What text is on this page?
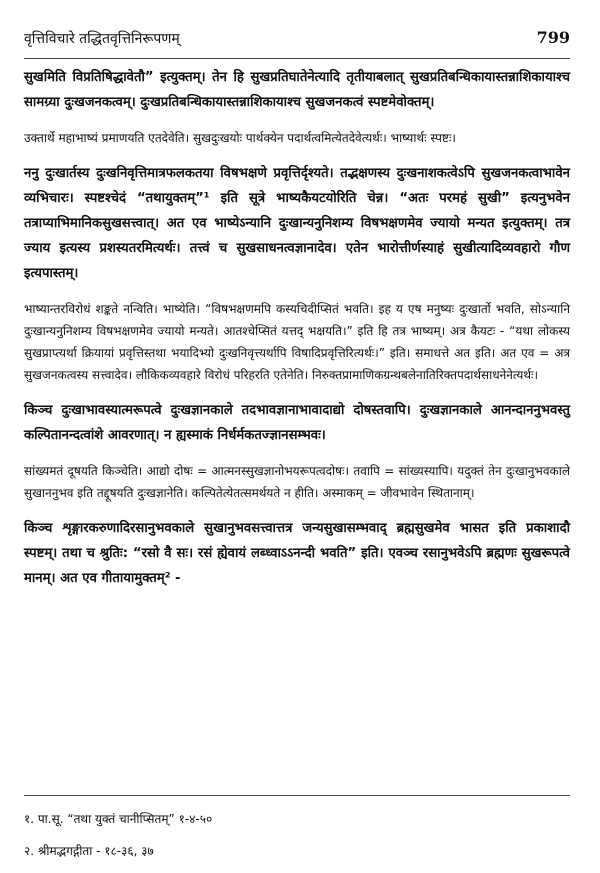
वृत्तिविचारे तद्धितवृत्तिनिरूपणम्	799

सुखमिति विप्रतिषिद्धावेतौ” इत्युक्तम्। तेन हि सुखप्रतिघातेनेत्यादि तृतीयाबलात् सुखप्रतिबन्धिकायास्तन्नाशिकायाश्च सामग्र्या दुःखजनकत्वम्। दुःखप्रतिबन्धिकायास्तन्नाशिकायाश्च सुखजनकत्वं स्पष्टमेवोक्तम्।

उक्तार्थे महाभाष्यं प्रमाणयति एतदेवेति। सुखदुःखयोः पार्थक्येन पदार्थत्वमित्येतदेवेत्यर्थः। भाष्यार्थः स्पष्टः।

ननु दुःखार्तस्य दुःखनिवृत्तिमात्रफलकतया विषभक्षणे प्रवृत्तिर्दृश्यते। तद्भक्षणस्य दुःखनाशकत्वेऽपि सुखजनकत्वाभावेन व्यभिचारः। स्पष्टश्चेदं “तथायुक्तम्”¹ इति सूत्रे भाष्यकैयटयोरिति चेन्न। “अतः परमहं सुखी” इत्यनुभवेन तत्राप्याभिमानिकसुखसत्त्वात्। अत एव भाष्येऽन्यानि दुःखान्यनुनिशम्य विषभक्षणमेव ज्यायो मन्यत इत्युक्तम्। तत्र ज्याय इत्यस्य प्रशस्यतरमित्यर्थः। तत्त्वं च सुखसाधनत्वज्ञानादेव। एतेन भारोत्तीर्णस्याहं सुखीत्यादिव्यवहारो गौण इत्यपास्तम्।

भाष्यान्तरविरोधं शङ्कते नन्विति। भाष्येति। “विषभक्षणमपि कस्यचिदीप्सितं भवति। इह य एष मनुष्यः दुःखार्तो भवति, सोऽन्यानि दुःखान्यनुनिशम्य विषभक्षणमेव ज्यायो मन्यते। आतश्चेप्सितं यत्तद् भक्षयति।” इति हि तत्र भाष्यम्। अत्र कैयटः - “यथा लोकस्य सुखप्राप्त्यर्था क्रियायां प्रवृत्तिस्तथा भयादिभ्यो दुःखनिवृत्त्यर्थापि विषादिप्रवृत्तिरित्यर्थः।” इति। समाधत्ते अत इति। अत एव = अत्र सुखजनकत्वस्य सत्त्वादेव। लौकिकव्यवहारे विरोधं परिहरति एतेनेति। निरुक्तप्रामाणिकग्रन्थबलेनातिरिक्तपदार्थसाधनेनेत्यर्थः।

किञ्च दुःखाभावस्यात्मरूपत्वे दुःखज्ञानकाले तदभावज्ञानाभावादाद्यो दोषस्तवापि। दुःखज्ञानकाले आनन्दाननुभवस्तु कल्पितानन्दत्वांशे आवरणात्। न ह्यस्माकं निर्धर्मकतज्ज्ञानसम्भवः।

सांख्यमतं दूषयति किञ्चेति। आद्यो दोषः = आत्मनस्सुखज्ञानोभयरूपत्वदोषः। तवापि = सांख्यस्यापि। यदुक्तं तेन दुःखानुभवकाले सुखाननुभव इति तद्दूषयति दुःखज्ञानेति। कल्पितेत्येतत्समर्थयते न हीति। अस्माकम् = जीवभावेन स्थितानाम्।

किञ्च शृङ्गारकरुणादिरसानुभवकाले सुखानुभवसत्त्वात्तत्र जन्यसुखासम्भवाद् ब्रह्मसुखमेव भासत इति प्रकाशादौ स्पष्टम्। तथा च श्रुतिः: “रसो वै सः। रसं ह्येवायं लब्ध्वाऽऽनन्दी भवति” इति। एवञ्च रसानुभवेऽपि ब्रह्मणः सुखरूपत्वे मानम्। अत एव गीतायामुक्तम्² -

१. पा.सू. “तथा युक्तं चानीप्सितम्” १-४-५०
२. श्रीमद्भगद्गीता - १८-३६, ३७
